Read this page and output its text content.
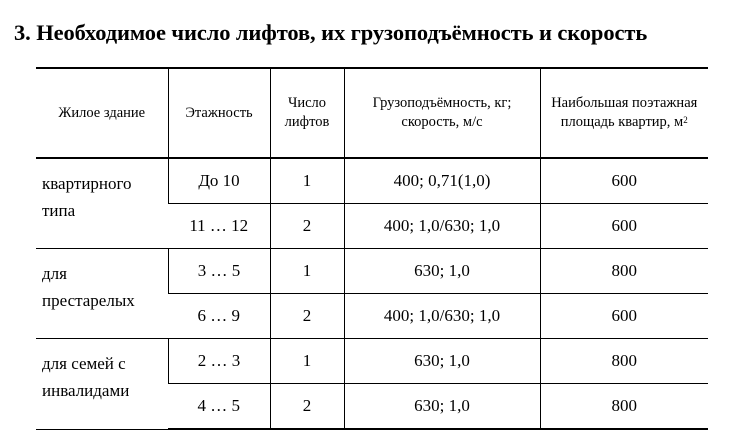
3. Необходимое число лифтов, их грузоподъёмность и скорость
Жилое здание	Этажность	Число лифтов	Грузоподъёмность, кг; скорость, м/с	Наибольшая поэтажная площадь квартир, $м^2$
квартирного типа	До 10	1	400; 0,71(1,0)	600
	11 … 12	2	400; 1,0/630; 1,0	600
для престарелых	3 … 5	1	630; 1,0	800
	6 … 9	2	400; 1,0/630; 1,0	600
для семей с инвалидами	2 … 3	1	630; 1,0	800
	4 … 5	2	630; 1,0	800
